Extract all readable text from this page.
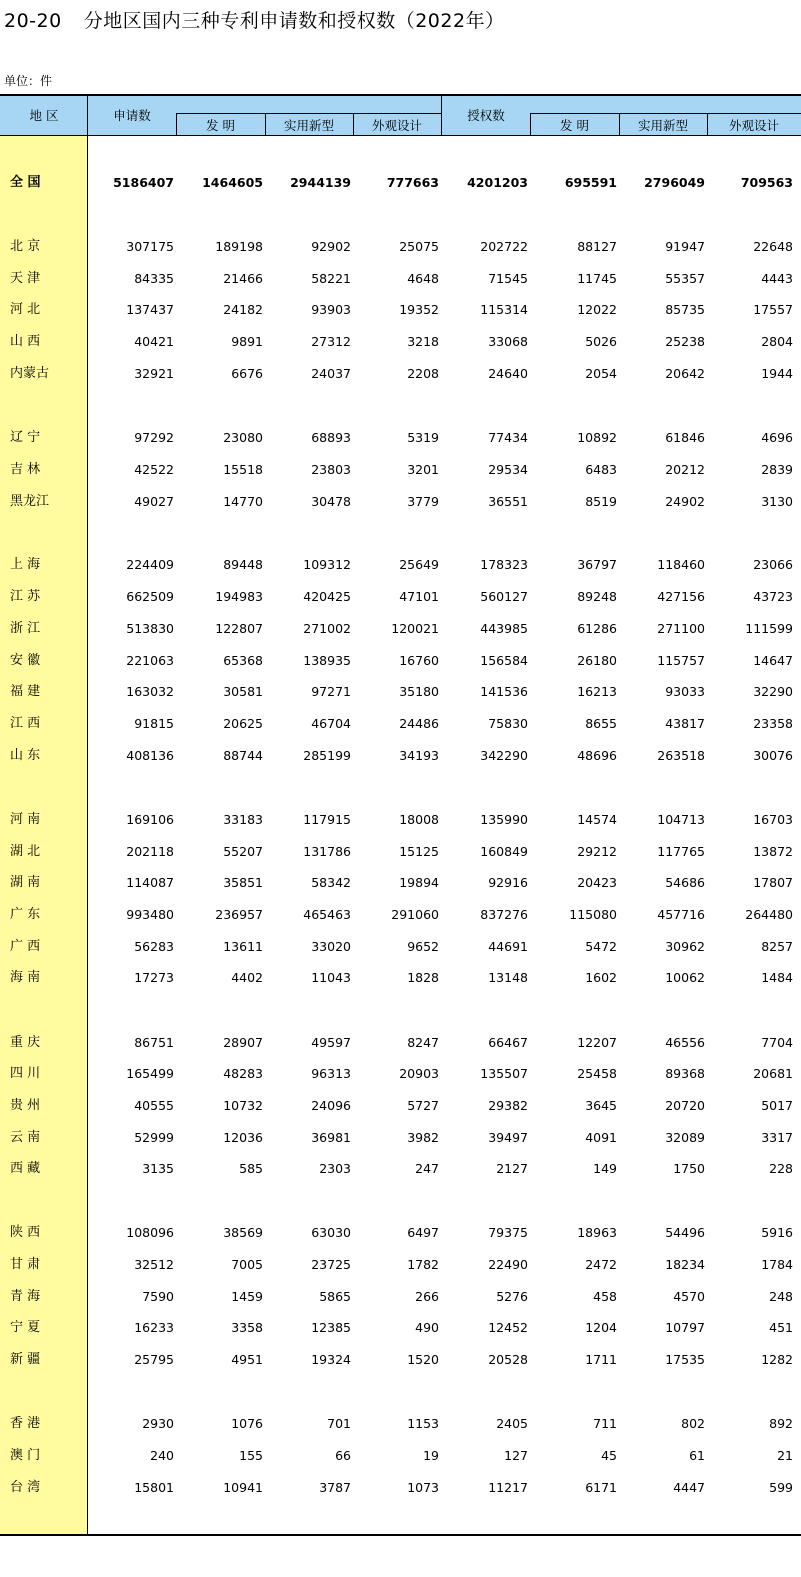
20-20 分地区国内三种专利申请数和授权数（2022年）
单位：件
地 区	申请数	授权数
发 明	实用新型	外观设计	发 明	实用新型	外观设计
全 国	5186407	1464605	2944139	777663	4201203	695591	2796049	709563
北 京	307175	189198	92902	25075	202722	88127	91947	22648
天 津	84335	21466	58221	4648	71545	11745	55357	4443
河 北	137437	24182	93903	19352	115314	12022	85735	17557
山 西	40421	9891	27312	3218	33068	5026	25238	2804
内蒙古	32921	6676	24037	2208	24640	2054	20642	1944
辽 宁	97292	23080	68893	5319	77434	10892	61846	4696
吉 林	42522	15518	23803	3201	29534	6483	20212	2839
黑龙江	49027	14770	30478	3779	36551	8519	24902	3130
上 海	224409	89448	109312	25649	178323	36797	118460	23066
江 苏	662509	194983	420425	47101	560127	89248	427156	43723
浙 江	513830	122807	271002	120021	443985	61286	271100	111599
安 徽	221063	65368	138935	16760	156584	26180	115757	14647
福 建	163032	30581	97271	35180	141536	16213	93033	32290
江 西	91815	20625	46704	24486	75830	8655	43817	23358
山 东	408136	88744	285199	34193	342290	48696	263518	30076
河 南	169106	33183	117915	18008	135990	14574	104713	16703
湖 北	202118	55207	131786	15125	160849	29212	117765	13872
湖 南	114087	35851	58342	19894	92916	20423	54686	17807
广 东	993480	236957	465463	291060	837276	115080	457716	264480
广 西	56283	13611	33020	9652	44691	5472	30962	8257
海 南	17273	4402	11043	1828	13148	1602	10062	1484
重 庆	86751	28907	49597	8247	66467	12207	46556	7704
四 川	165499	48283	96313	20903	135507	25458	89368	20681
贵 州	40555	10732	24096	5727	29382	3645	20720	5017
云 南	52999	12036	36981	3982	39497	4091	32089	3317
西 藏	3135	585	2303	247	2127	149	1750	228
陕 西	108096	38569	63030	6497	79375	18963	54496	5916
甘 肃	32512	7005	23725	1782	22490	2472	18234	1784
青 海	7590	1459	5865	266	5276	458	4570	248
宁 夏	16233	3358	12385	490	12452	1204	10797	451
新 疆	25795	4951	19324	1520	20528	1711	17535	1282
香 港	2930	1076	701	1153	2405	711	802	892
澳 门	240	155	66	19	127	45	61	21
台 湾	15801	10941	3787	1073	11217	6171	4447	599
